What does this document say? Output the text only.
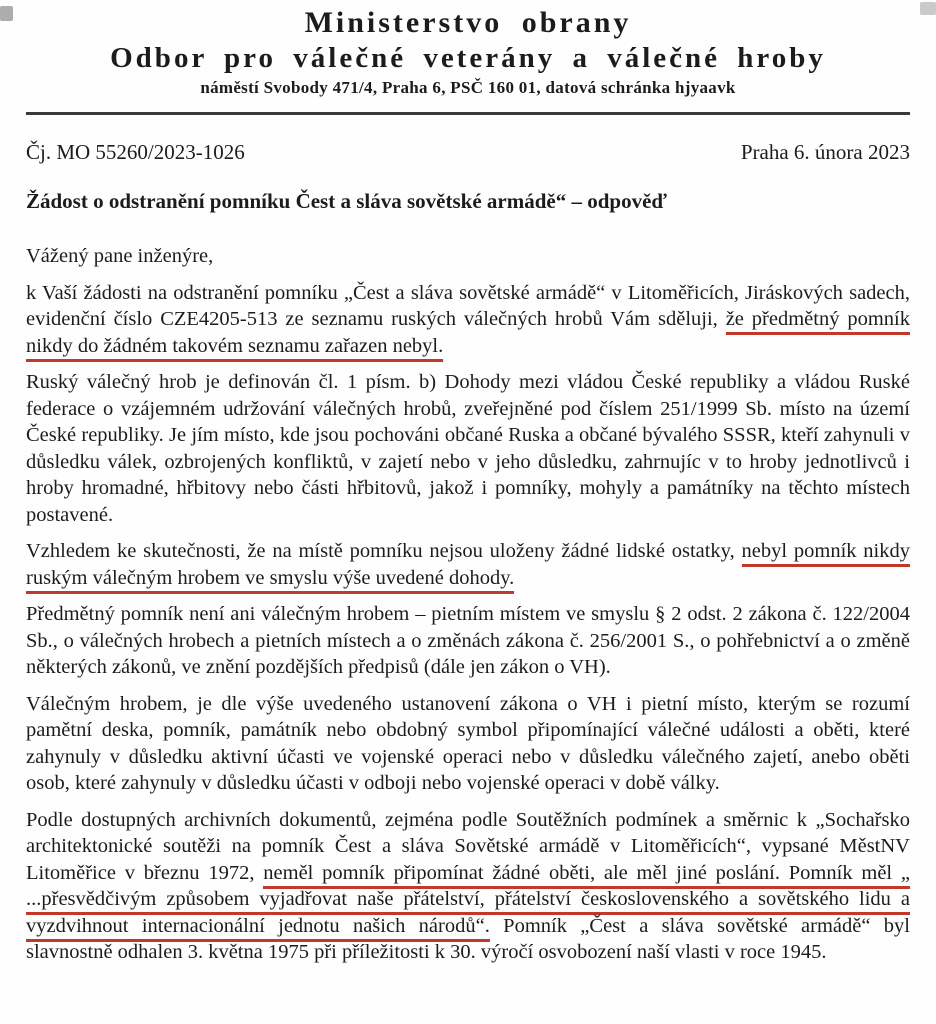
Ministerstvo obrany
Odbor pro válečné veterány a válečné hroby
náměstí Svobody 471/4, Praha 6, PSČ 160 01, datová schránka hjyaavk
Čj. MO 55260/2023-1026	Praha 6. února 2023
Žádost o odstranění pomníku Čest a sláva sovětské armádě“ – odpověď
Vážený pane inženýre,
k Vaší žádosti na odstranění pomníku „Čest a sláva sovětské armádě“ v Litoměřicích, Jiráskových sadech, evidenční číslo CZE4205-513 ze seznamu ruských válečných hrobů Vám sděluji, že předmětný pomník nikdy do žádném takovém seznamu zařazen nebyl.
Ruský válečný hrob je definován čl. 1 písm. b) Dohody mezi vládou České republiky a vládou Ruské federace o vzájemném udržování válečných hrobů, zveřejněné pod číslem 251/1999 Sb. místo na území České republiky. Je jím místo, kde jsou pochováni občané Ruska a občané bývalého SSSR, kteří zahynuli v důsledku válek, ozbrojených konfliktů, v zajetí nebo v jeho důsledku, zahrnujíc v to hroby jednotlivců i hroby hromadné, hřbitovy nebo části hřbitovů, jakož i pomníky, mohyly a památníky na těchto místech postavené.
Vzhledem ke skutečnosti, že na místě pomníku nejsou uloženy žádné lidské ostatky, nebyl pomník nikdy ruským válečným hrobem ve smyslu výše uvedené dohody.
Předmětný pomník není ani válečným hrobem – pietním místem ve smyslu § 2 odst. 2 zákona č. 122/2004 Sb., o válečných hrobech a pietních místech a o změnách zákona č. 256/2001 S., o pohřebnictví a o změně některých zákonů, ve znění pozdějších předpisů (dále jen zákon o VH).
Válečným hrobem, je dle výše uvedeného ustanovení zákona o VH i pietní místo, kterým se rozumí pamětní deska, pomník, památník nebo obdobný symbol připomínající válečné události a oběti, které zahynuly v důsledku aktivní účasti ve vojenské operaci nebo v důsledku válečného zajetí, anebo oběti osob, které zahynuly v důsledku účasti v odboji nebo vojenské operaci v době války.
Podle dostupných archivních dokumentů, zejména podle Soutěžních podmínek a směrnic k „Sochařsko architektonické soutěži na pomník Čest a sláva Sovětské armádě v Litoměřicích“, vypsané MěstNV Litoměřice v březnu 1972, neměl pomník připomínat žádné oběti, ale měl jiné poslání. Pomník měl „ ...přesvědčivým způsobem vyjadřovat naše přátelství, přátelství československého a sovětského lidu a vyzdvihnout internacionální jednotu našich národů“. Pomník „Čest a sláva sovětské armádě“ byl slavnostně odhalen 3. května 1975 při příležitosti k 30. výročí osvobození naší vlasti v roce 1945.
